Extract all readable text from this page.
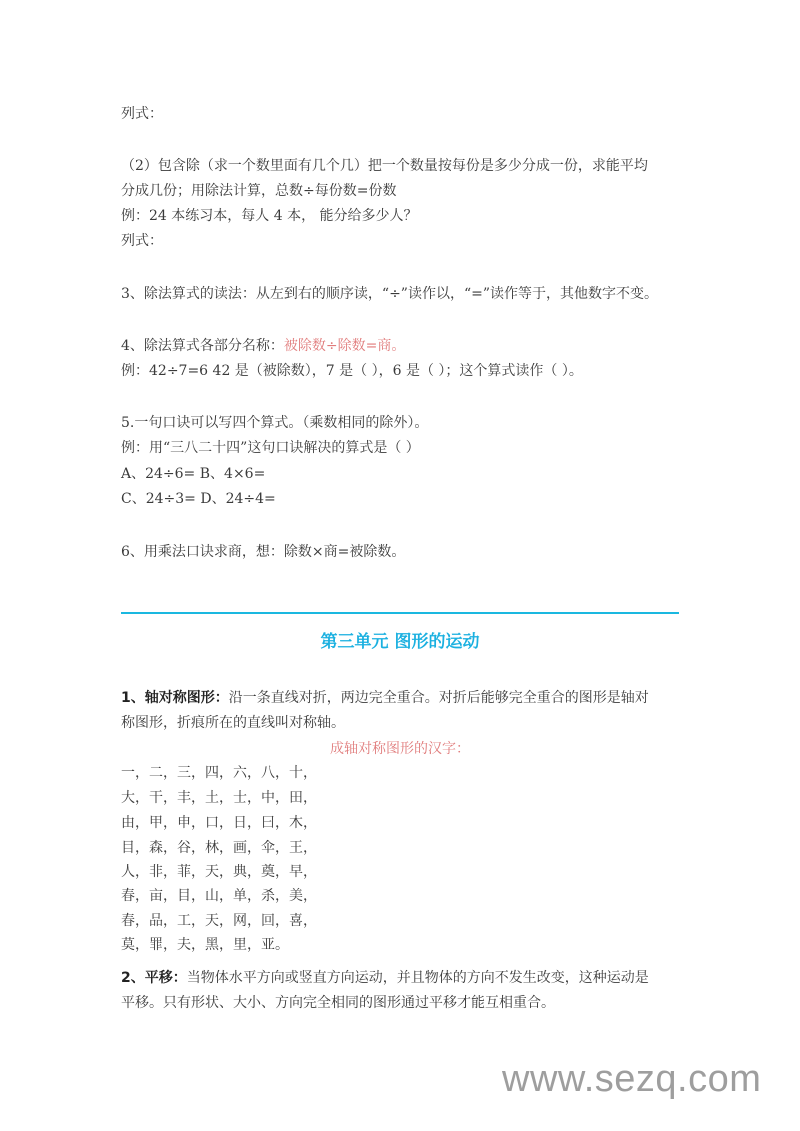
列式：
（2）包含除（求一个数里面有几个几）把一个数量按每份是多少分成一份，求能平均
分成几份；用除法计算，总数÷每份数=份数
例：24 本练习本，每人 4 本， 能分给多少人？
列式：
3、除法算式的读法：从左到右的顺序读，“÷”读作以，“=”读作等于，其他数字不变。
4、除法算式各部分名称：被除数÷除数=商。
例：42÷7=6 42 是（被除数），7 是（ ），6 是（ ）；这个算式读作（ ）。
5.一句口诀可以写四个算式。（乘数相同的除外）。
例：用“三八二十四”这句口诀解决的算式是（ ）
A、24÷6= B、4×6=
C、24÷3= D、24÷4=
6、用乘法口诀求商，想：除数×商=被除数。
第三单元 图形的运动
1、轴对称图形：沿一条直线对折，两边完全重合。对折后能够完全重合的图形是轴对
称图形，折痕所在的直线叫对称轴。
成轴对称图形的汉字：
一，二，三，四，六，八，十，
大，干，丰，土，士，中，田，
由，甲，申，口，日，曰，木，
目，森，谷，林，画，伞，王，
人，非，菲，天，典，奠，早，
春，亩，目，山，单，杀，美，
春，品，工，天，网，回，喜，
莫，罪，夫，黑，里，亚。
2、平移：当物体水平方向或竖直方向运动，并且物体的方向不发生改变，这种运动是
平移。只有形状、大小、方向完全相同的图形通过平移才能互相重合。
www.sezq.com
